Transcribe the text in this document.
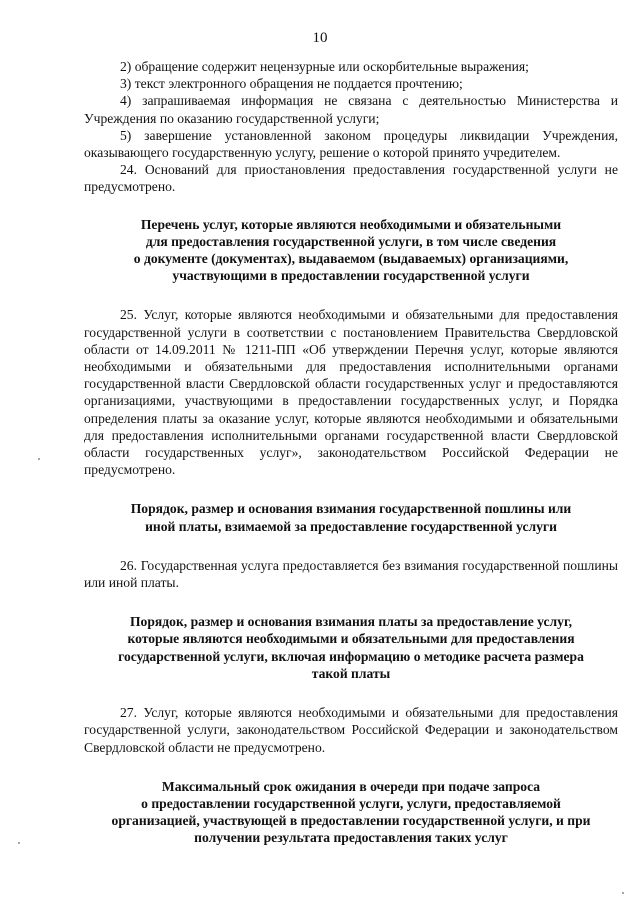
10

2) обращение содержит нецензурные или оскорбительные выражения;

3) текст электронного обращения не поддается прочтению;

4) запрашиваемая информация не связана с деятельностью Министерства и Учреждения по оказанию государственной услуги;

5) завершение установленной законом процедуры ликвидации Учреждения, оказывающего государственную услугу, решение о которой принято учредителем.

24. Оснований для приостановления предоставления государственной услуги не предусмотрено.

Перечень услуг, которые являются необходимыми и обязательными
для предоставления государственной услуги, в том числе сведения
о документе (документах), выдаваемом (выдаваемых) организациями,
участвующими в предоставлении государственной услуги

25. Услуг, которые являются необходимыми и обязательными для предоставления государственной услуги в соответствии с постановлением Правительства Свердловской области от 14.09.2011 № 1211-ПП «Об утверждении Перечня услуг, которые являются необходимыми и обязательными для предоставления исполнительными органами государственной власти Свердловской области государственных услуг и предоставляются организациями, участвующими в предоставлении государственных услуг, и Порядка определения платы за оказание услуг, которые являются необходимыми и обязательными для предоставления исполнительными органами государственной власти Свердловской области государственных услуг», законодательством Российской Федерации не предусмотрено.

Порядок, размер и основания взимания государственной пошлины или
иной платы, взимаемой за предоставление государственной услуги

26. Государственная услуга предоставляется без взимания государственной пошлины или иной платы.

Порядок, размер и основания взимания платы за предоставление услуг,
которые являются необходимыми и обязательными для предоставления
государственной услуги, включая информацию о методике расчета размера
такой платы

27. Услуг, которые являются необходимыми и обязательными для предоставления государственной услуги, законодательством Российской Федерации и законодательством Свердловской области не предусмотрено.

Максимальный срок ожидания в очереди при подаче запроса
о предоставлении государственной услуги, услуги, предоставляемой
организацией, участвующей в предоставлении государственной услуги, и при
получении результата предоставления таких услуг
